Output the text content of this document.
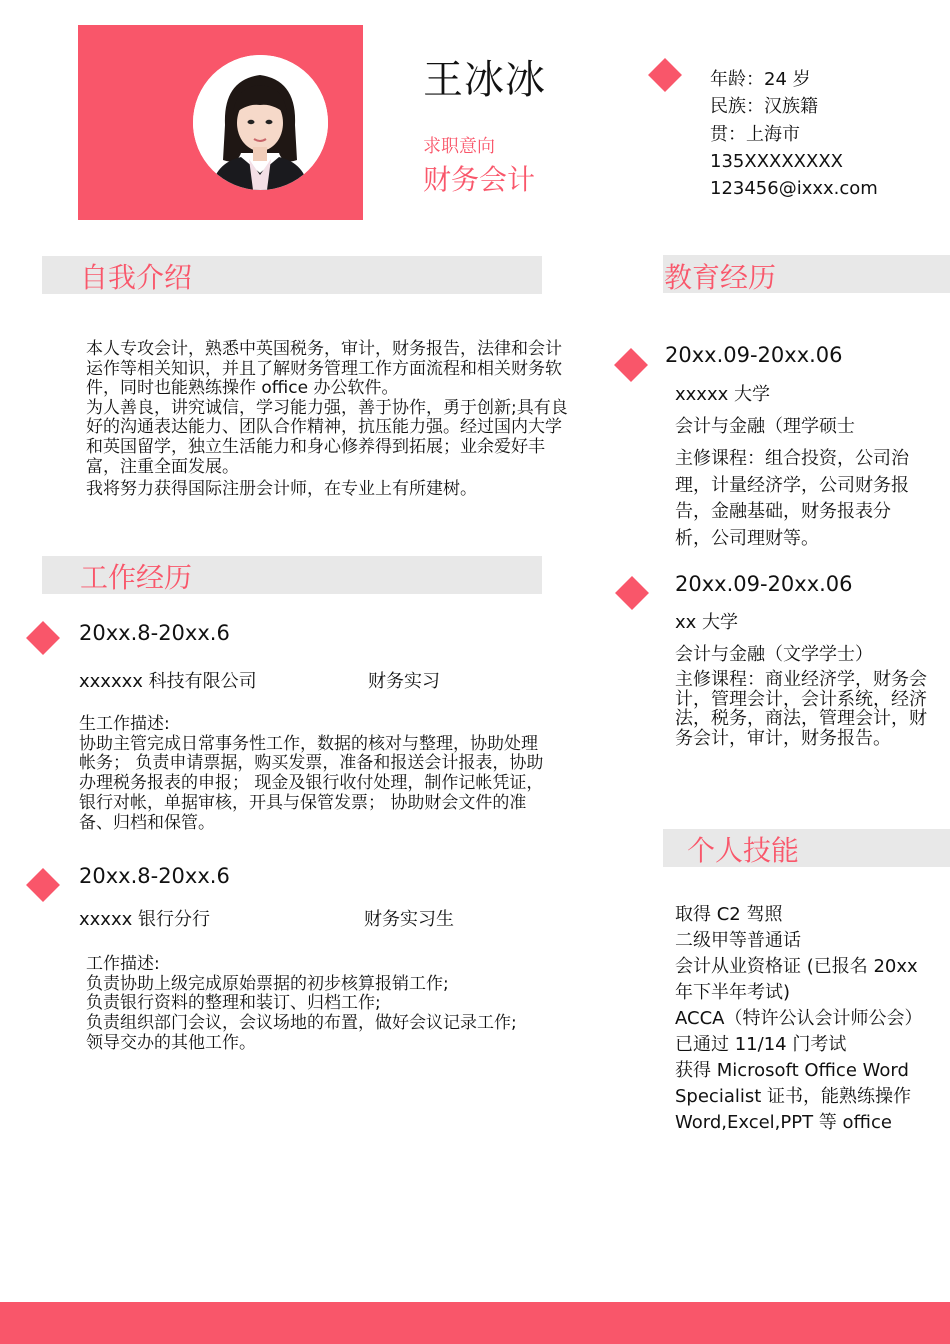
王冰冰
求职意向
财务会计
年龄：24 岁
民族：汉族籍
贯：上海市
135XXXXXXXX
123456@ixxx.com
自我介绍
本人专攻会计，熟悉中英国税务，审计，财务报告，法律和会计运作等相关知识，并且了解财务管理工作方面流程和相关财务软件，同时也能熟练操作 office 办公软件。
为人善良，讲究诚信，学习能力强，善于协作，勇于创新;具有良好的沟通表达能力、团队合作精神，抗压能力强。经过国内大学和英国留学，独立生活能力和身心修养得到拓展；业余爱好丰富，注重全面发展。
我将努力获得国际注册会计师，在专业上有所建树。
工作经历
20xx.8-20xx.6
xxxxxx 科技有限公司	财务实习
生工作描述:
协助主管完成日常事务性工作，数据的核对与整理，协助处理帐务； 负责申请票据，购买发票，准备和报送会计报表，协助办理税务报表的申报； 现金及银行收付处理，制作记帐凭证，银行对帐，单据审核，开具与保管发票； 协助财会文件的准备、归档和保管。
20xx.8-20xx.6
xxxxx 银行分行	财务实习生
工作描述:
负责协助上级完成原始票据的初步核算报销工作;
负责银行资料的整理和装订、归档工作;
负责组织部门会议，会议场地的布置，做好会议记录工作;
领导交办的其他工作。
教育经历
20xx.09-20xx.06
xxxxx 大学
会计与金融（理学硕士
主修课程：组合投资，公司治理，计量经济学，公司财务报告，金融基础，财务报表分析，公司理财等。
20xx.09-20xx.06
xx 大学
会计与金融（文学学士）
主修课程：商业经济学，财务会计，管理会计，会计系统，经济法，税务，商法，管理会计，财务会计，审计，财务报告。
个人技能
取得 C2 驾照
二级甲等普通话
会计从业资格证 (已报名 20xx 年下半年考试)
ACCA（特许公认会计师公会）已通过 11/14 门考试
获得 Microsoft Office Word Specialist 证书，能熟练操作 Word,Excel,PPT 等 office
